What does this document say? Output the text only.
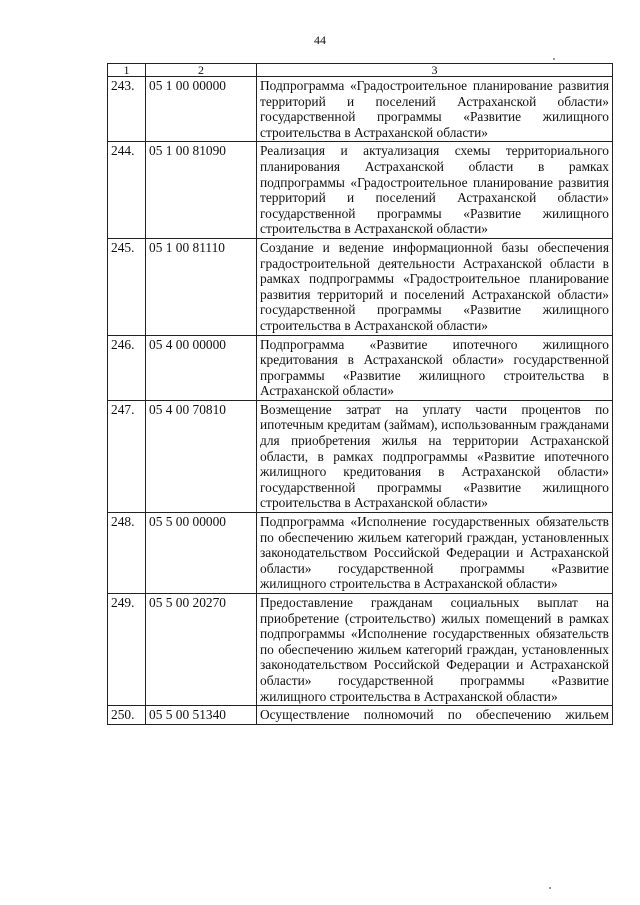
44
1	2	3
243.	05 1 00 00000	Подпрограмма «Градостроительное планирование развития территорий и поселений Астраханской области» государственной программы «Развитие жилищного строительства в Астраханской области»
244.	05 1 00 81090	Реализация и актуализация схемы территориального планирования Астраханской области в рамках подпрограммы «Градостроительное планирование развития территорий и поселений Астраханской области» государственной программы «Развитие жилищного строительства в Астраханской области»
245.	05 1 00 81110	Создание и ведение информационной базы обеспечения градостроительной деятельности Астраханской области в рамках подпрограммы «Градостроительное планирование развития территорий и поселений Астраханской области» государственной программы «Развитие жилищного строительства в Астраханской области»
246.	05 4 00 00000	Подпрограмма «Развитие ипотечного жилищного кредитования в Астраханской области» государственной программы «Развитие жилищного строительства в Астраханской области»
247.	05 4 00 70810	Возмещение затрат на уплату части процентов по ипотечным кредитам (займам), использованным гражданами для приобретения жилья на территории Астраханской области, в рамках подпрограммы «Развитие ипотечного жилищного кредитования в Астраханской области» государственной программы «Развитие жилищного строительства в Астраханской области»
248.	05 5 00 00000	Подпрограмма «Исполнение государственных обязательств по обеспечению жильем категорий граждан, установленных законодательством Российской Федерации и Астраханской области» государственной программы «Развитие жилищного строительства в Астраханской области»
249.	05 5 00 20270	Предоставление гражданам социальных выплат на приобретение (строительство) жилых помещений в рамках подпрограммы «Исполнение государственных обязательств по обеспечению жильем категорий граждан, установленных законодательством Российской Федерации и Астраханской области» государственной программы «Развитие жилищного строительства в Астраханской области»
250.	05 5 00 51340	Осуществление полномочий по обеспечению жильем
